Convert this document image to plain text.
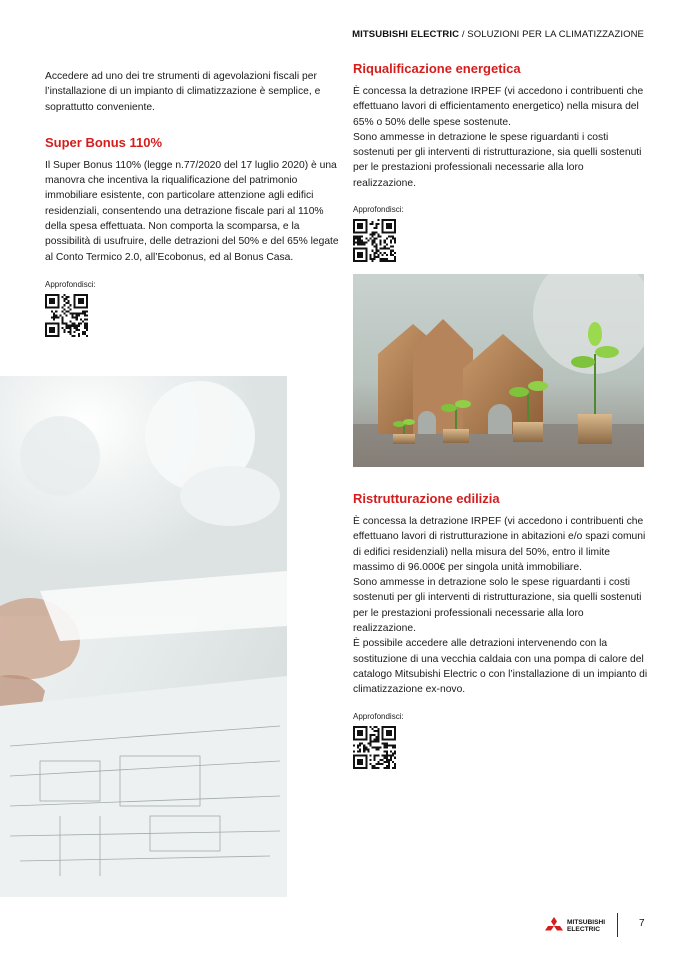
MITSUBISHI ELECTRIC / SOLUZIONI PER LA CLIMATIZZAZIONE

Accedere ad uno dei tre strumenti di agevolazioni fiscali per l’installazione di un impianto di climatizzazione è semplice, e soprattutto conveniente.

Super Bonus 110%

Il Super Bonus 110% (legge n.77/2020 del 17 luglio 2020) è una manovra che incentiva la riqualificazione del patrimonio immobiliare esistente, con particolare attenzione agli edifici residenziali, consentendo una detrazione fiscale pari al 110% della spesa effettuata. Non comporta la scomparsa, e la possibilità di usufruire, delle detrazioni del 50% e del 65% legate al Conto Termico 2.0, all’Ecobonus, ed al Bonus Casa.

Approfondisci:
Riqualificazione energetica

È concessa la detrazione IRPEF (vi accedono i contribuenti che effettuano lavori di efficientamento energetico) nella misura del 65% o 50% delle spese sostenute.

Sono ammesse in detrazione le spese riguardanti i costi sostenuti per gli interventi di ristrutturazione, sia quelli sostenuti per le prestazioni professionali necessarie alla loro realizzazione.

Approfondisci:
Ristrutturazione edilizia

È concessa la detrazione IRPEF (vi accedono i contribuenti che effettuano lavori di ristrutturazione in abitazioni e/o spazi comuni di edifici residenziali) nella misura del 50%, entro il limite massimo di 96.000€ per singola unità immobiliare.

Sono ammesse in detrazione solo le spese riguardanti i costi sostenuti per gli interventi di ristrutturazione, sia quelli sostenuti per le prestazioni professionali necessarie alla loro realizzazione.

È possibile accedere alle detrazioni intervenendo con la sostituzione di una vecchia caldaia con una pompa di calore del catalogo Mitsubishi Electric o con l’installazione di un impianto di climatizzazione ex-novo.

Approfondisci:
MITSUBISHI
ELECTRIC
7
